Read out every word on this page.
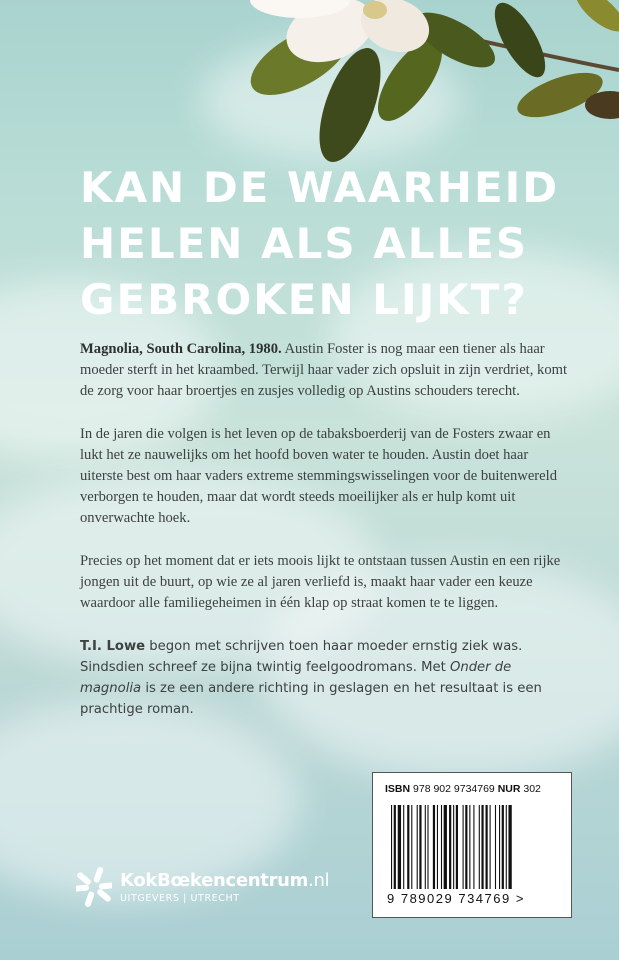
KAN DE WAARHEID
HELEN ALS ALLES
GEBROKEN LIJKT?

Magnolia, South Carolina, 1980. Austin Foster is nog maar een tiener als haar moeder sterft in het kraambed. Terwijl haar vader zich opsluit in zijn verdriet, komt de zorg voor haar broertjes en zusjes volledig op Austins schouders terecht.

In de jaren die volgen is het leven op de tabaksboerderij van de Fosters zwaar en lukt het ze nauwelijks om het hoofd boven water te houden. Austin doet haar uiterste best om haar vaders extreme stemmingswisselingen voor de buitenwereld verborgen te houden, maar dat wordt steeds moeilijker als er hulp komt uit onverwachte hoek.

Precies op het moment dat er iets moois lijkt te ontstaan tussen Austin en een rijke jongen uit de buurt, op wie ze al jaren verliefd is, maakt haar vader een keuze waardoor alle familiegeheimen in één klap op straat komen te te liggen.

T.I. Lowe begon met schrijven toen haar moeder ernstig ziek was. Sindsdien schreef ze bijna twintig feelgoodromans. Met Onder de magnolia is ze een andere richting in geslagen en het resultaat is een prachtige roman.

KokBœkencentrum.nl
UITGEVERS | UTRECHT
ISBN 978 902 9734769 NUR 302
9 789029 734769 >
